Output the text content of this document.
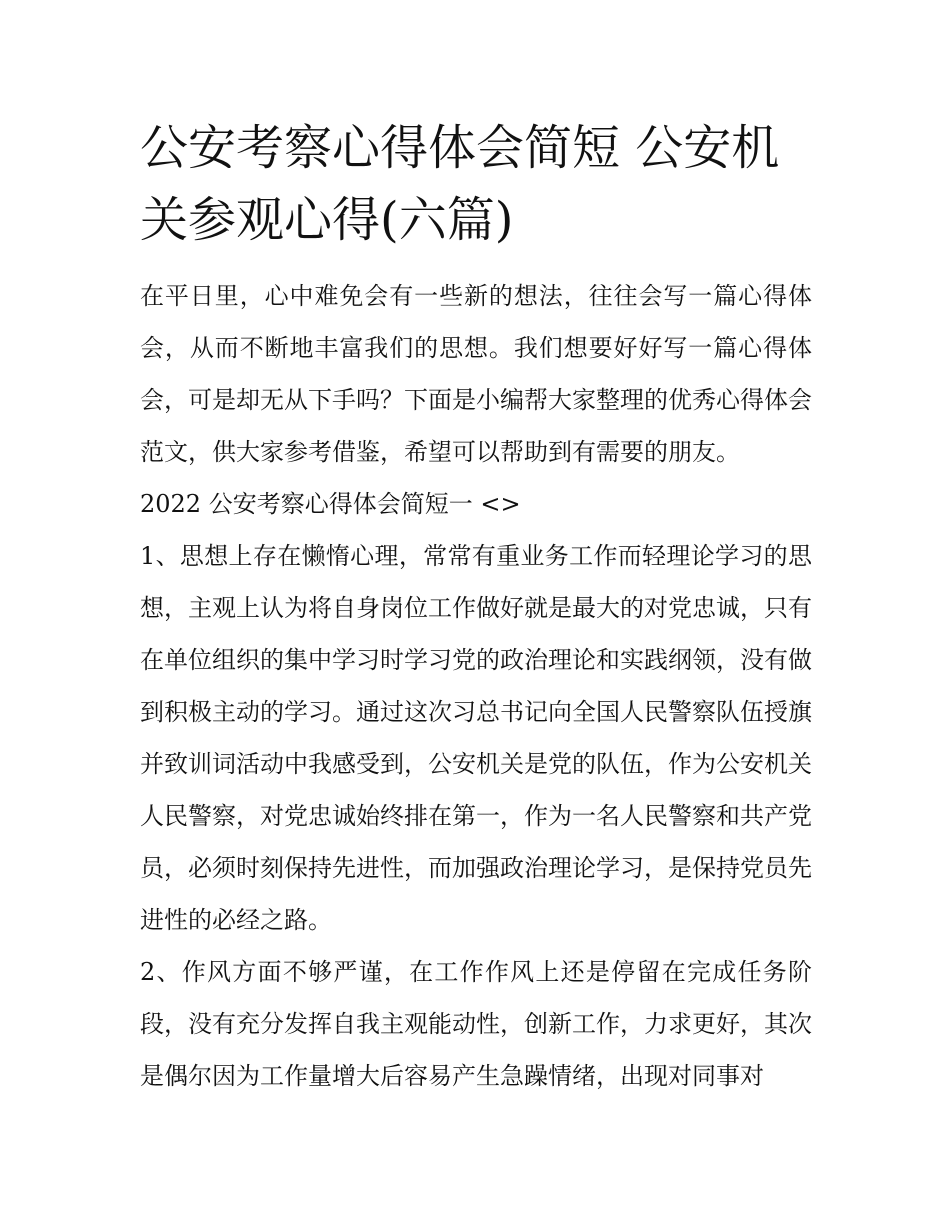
公安考察心得体会简短 公安机关参观心得(六篇)

在平日里，心中难免会有一些新的想法，往往会写一篇心得体会，从而不断地丰富我们的思想。我们想要好好写一篇心得体会，可是却无从下手吗？下面是小编帮大家整理的优秀心得体会范文，供大家参考借鉴，希望可以帮助到有需要的朋友。

2022 公安考察心得体会简短一 <>

1、思想上存在懒惰心理，常常有重业务工作而轻理论学习的思想，主观上认为将自身岗位工作做好就是最大的对党忠诚，只有在单位组织的集中学习时学习党的政治理论和实践纲领，没有做到积极主动的学习。通过这次习总书记向全国人民警察队伍授旗并致训词活动中我感受到，公安机关是党的队伍，作为公安机关人民警察，对党忠诚始终排在第一，作为一名人民警察和共产党员，必须时刻保持先进性，而加强政治理论学习，是保持党员先进性的必经之路。

2、作风方面不够严谨，在工作作风上还是停留在完成任务阶段，没有充分发挥自我主观能动性，创新工作，力求更好，其次是偶尔因为工作量增大后容易产生急躁情绪，出现对同事对
